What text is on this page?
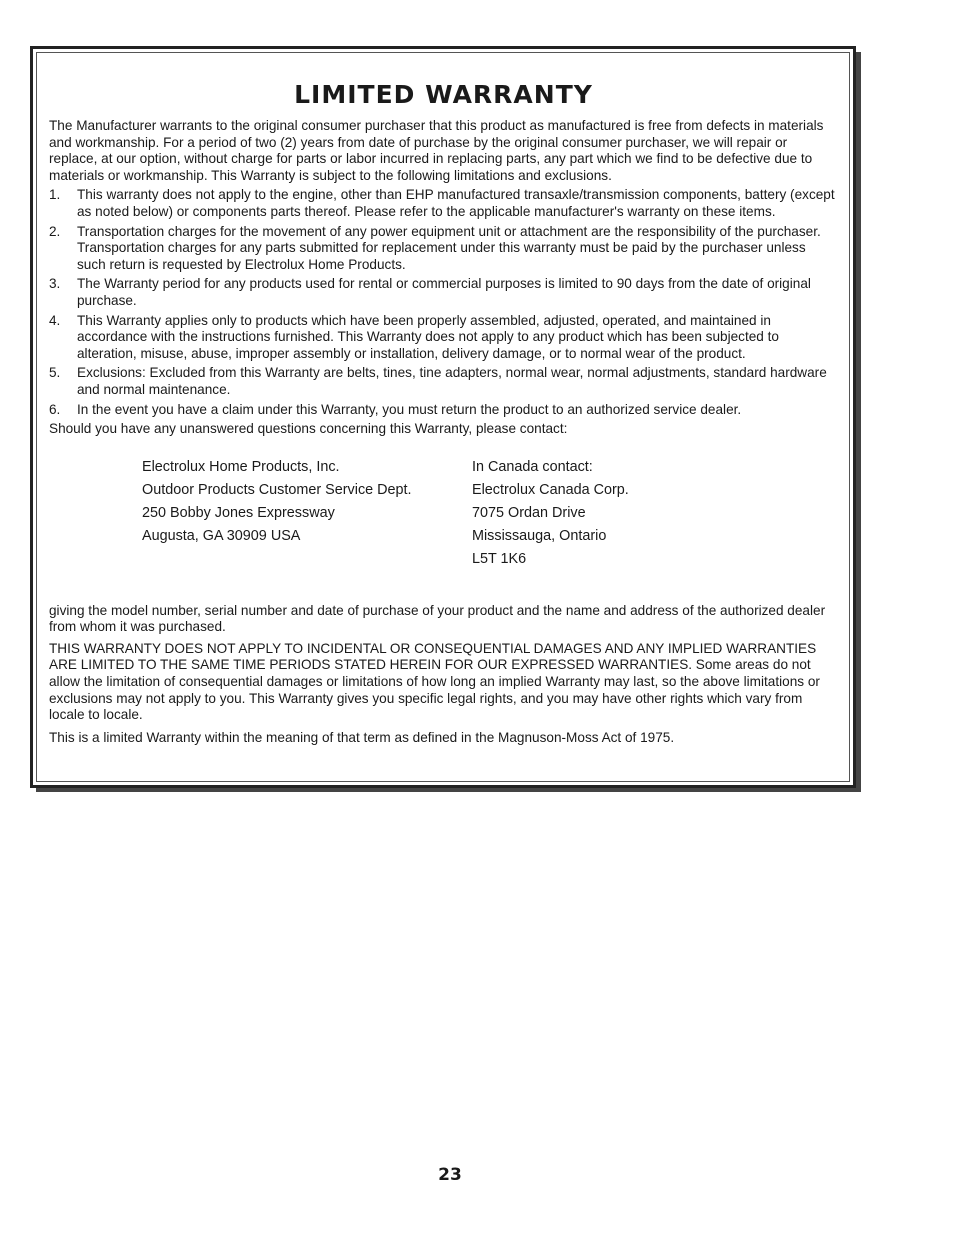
LIMITED WARRANTY

The Manufacturer warrants to the original consumer purchaser that this product as manufactured is free from defects in materials and workmanship. For a period of two (2) years from date of purchase by the original consumer purchaser, we will repair or replace, at our option, without charge for parts or labor incurred in replacing parts, any part which we find to be defective due to materials or workmanship. This Warranty is subject to the following limitations and exclusions.

1.	This warranty does not apply to the engine, other than EHP manufactured transaxle/transmission components, battery (except as noted below) or components parts thereof. Please refer to the applicable manufacturer's warranty on these items.
2.	Transportation charges for the movement of any power equipment unit or attachment are the responsibility of the purchaser. Transportation charges for any parts submitted for replacement under this warranty must be paid by the purchaser unless such return is requested by Electrolux Home Products.
3.	The Warranty period for any products used for rental or commercial purposes is limited to 90 days from the date of original purchase.
4.	This Warranty applies only to products which have been properly assembled, adjusted, operated, and maintained in accordance with the instructions furnished. This Warranty does not apply to any product which has been subjected to alteration, misuse, abuse, improper assembly or installation, delivery damage, or to normal wear of the product.
5.	Exclusions: Excluded from this Warranty are belts, tines, tine adapters, normal wear, normal adjustments, standard hardware and normal maintenance.
6.	In the event you have a claim under this Warranty, you must return the product to an authorized service dealer.

Should you have any unanswered questions concerning this Warranty, please contact:

Electrolux Home Products, Inc.
Outdoor Products Customer Service Dept.
250 Bobby Jones Expressway
Augusta, GA 30909 USA
In Canada contact:
Electrolux Canada Corp.
7075 Ordan Drive
Mississauga, Ontario
L5T 1K6

giving the model number, serial number and date of purchase of your product and the name and address of the authorized dealer from whom it was purchased.

THIS WARRANTY DOES NOT APPLY TO INCIDENTAL OR CONSEQUENTIAL DAMAGES AND ANY IMPLIED WARRANTIES ARE LIMITED TO THE SAME TIME PERIODS STATED HEREIN FOR OUR EXPRESSED WARRANTIES. Some areas do not allow the limitation of consequential damages or limitations of how long an implied Warranty may last, so the above limitations or exclusions may not apply to you. This Warranty gives you specific legal rights, and you may have other rights which vary from locale to locale.

This is a limited Warranty within the meaning of that term as defined in the Magnuson-Moss Act of 1975.

23
